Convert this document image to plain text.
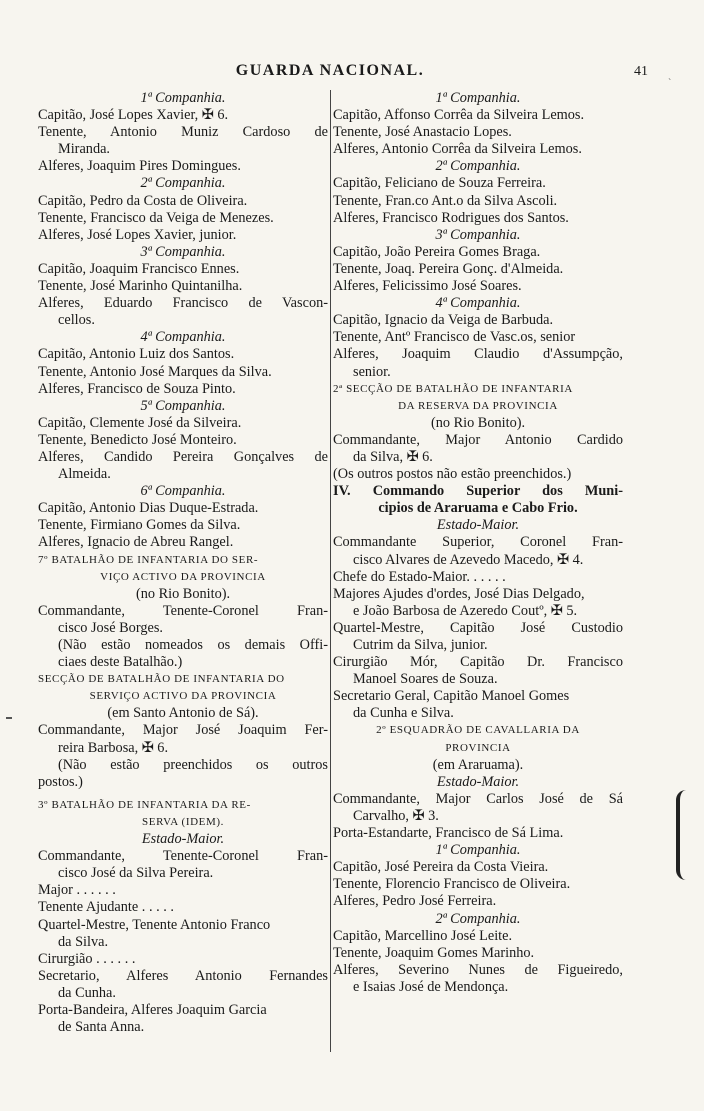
GUARDA NACIONAL.	41
ˋ
1ª Companhia.
Capitão, José Lopes Xavier, ✠ 6.
Tenente, Antonio Muniz Cardoso de
Miranda.
Alferes, Joaquim Pires Domingues.
2ª Companhia.
Capitão, Pedro da Costa de Oliveira.
Tenente, Francisco da Veiga de Menezes.
Alferes, José Lopes Xavier, junior.
3ª Companhia.
Capitão, Joaquim Francisco Ennes.
Tenente, José Marinho Quintanilha.
Alferes, Eduardo Francisco de Vascon-
cellos.
4ª Companhia.
Capitão, Antonio Luiz dos Santos.
Tenente, Antonio José Marques da Silva.
Alferes, Francisco de Souza Pinto.
5ª Companhia.
Capitão, Clemente José da Silveira.
Tenente, Benedicto José Monteiro.
Alferes, Candido Pereira Gonçalves de
Almeida.
6ª Companhia.
Capitão, Antonio Dias Duque-Estrada.
Tenente, Firmiano Gomes da Silva.
Alferes, Ignacio de Abreu Rangel.
7º BATALHÃO DE INFANTARIA DO SER-
VIÇO ACTIVO DA PROVINCIA
(no Rio Bonito).
Commandante, Tenente-Coronel Fran-
cisco José Borges.
(Não estão nomeados os demais Offi-
ciaes deste Batalhão.)
SECÇÃO DE BATALHÃO DE INFANTARIA DO
SERVIÇO ACTIVO DA PROVINCIA
(em Santo Antonio de Sá).
Commandante, Major José Joaquim Fer-
reira Barbosa, ✠ 6.
(Não estão preenchidos os outros
postos.)
3º BATALHÃO DE INFANTARIA DA RE-
SERVA (IDEM).
Estado-Maior.
Commandante, Tenente-Coronel Fran-
cisco José da Silva Pereira.
Major . . . . . .
Tenente Ajudante . . . . .
Quartel-Mestre, Tenente Antonio Franco
da Silva.
Cirurgião . . . . . .
Secretario, Alferes Antonio Fernandes
da Cunha.
Porta-Bandeira, Alferes Joaquim Garcia
de Santa Anna.
1ª Companhia.
Capitão, Affonso Corrêa da Silveira Lemos.
Tenente, José Anastacio Lopes.
Alferes, Antonio Corrêa da Silveira Lemos.
2ª Companhia.
Capitão, Feliciano de Souza Ferreira.
Tenente, Fran.co Ant.o da Silva Ascoli.
Alferes, Francisco Rodrigues dos Santos.
3ª Companhia.
Capitão, João Pereira Gomes Braga.
Tenente, Joaq. Pereira Gonç. d'Almeida.
Alferes, Felicissimo José Soares.
4ª Companhia.
Capitão, Ignacio da Veiga de Barbuda.
Tenente, Antº Francisco de Vasc.os, senior
Alferes, Joaquim Claudio d'Assumpção,
senior.
2ª SECÇÃO DE BATALHÃO DE INFANTARIA
DA RESERVA DA PROVINCIA
(no Rio Bonito).
Commandante, Major Antonio Cardido
da Silva, ✠ 6.
(Os outros postos não estão preenchidos.)
IV. Commando Superior dos Muni-
cipios de Araruama e Cabo Frio.
Estado-Maior.
Commandante Superior, Coronel Fran-
cisco Alvares de Azevedo Macedo, ✠ 4.
Chefe do Estado-Maior. . . . . .
Majores Ajudes d'ordes, José Dias Delgado,
e João Barbosa de Azeredo Coutº, ✠ 5.
Quartel-Mestre, Capitão José Custodio
Cutrim da Silva, junior.
Cirurgião Mór, Capitão Dr. Francisco
Manoel Soares de Souza.
Secretario Geral, Capitão Manoel Gomes
da Cunha e Silva.
2º ESQUADRÃO DE CAVALLARIA DA
PROVINCIA
(em Araruama).
Estado-Maior.
Commandante, Major Carlos José de Sá
Carvalho, ✠ 3.
Porta-Estandarte, Francisco de Sá Lima.
1ª Companhia.
Capitão, José Pereira da Costa Vieira.
Tenente, Florencio Francisco de Oliveira.
Alferes, Pedro José Ferreira.
2ª Companhia.
Capitão, Marcellino José Leite.
Tenente, Joaquim Gomes Marinho.
Alferes, Severino Nunes de Figueiredo,
e Isaias José de Mendonça.
